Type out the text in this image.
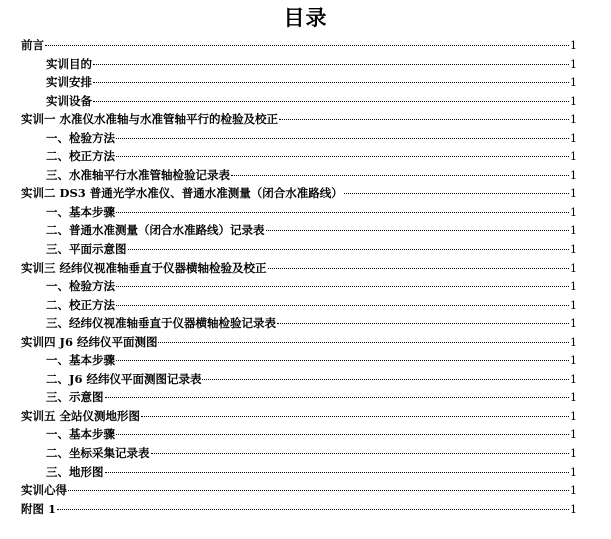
目录
前言	1
实训目的	1
实训安排	1
实训设备	1
实训一 水准仪水准轴与水准管轴平行的检验及校正	1
一、检验方法	1
二、校正方法	1
三、水准轴平行水准管轴检验记录表	1
实训二 DS3 普通光学水准仪、普通水准测量（闭合水准路线）	1
一、基本步骤	1
二、普通水准测量（闭合水准路线）记录表	1
三、平面示意图	1
实训三 经纬仪视准轴垂直于仪器横轴检验及校正	1
一、检验方法	1
二、校正方法	1
三、经纬仪视准轴垂直于仪器横轴检验记录表	1
实训四 J6 经纬仪平面测图	1
一、基本步骤	1
二、J6 经纬仪平面测图记录表	1
三、示意图	1
实训五 全站仪测地形图	1
一、基本步骤	1
二、坐标采集记录表	1
三、地形图	1
实训心得	1
附图 1	1
